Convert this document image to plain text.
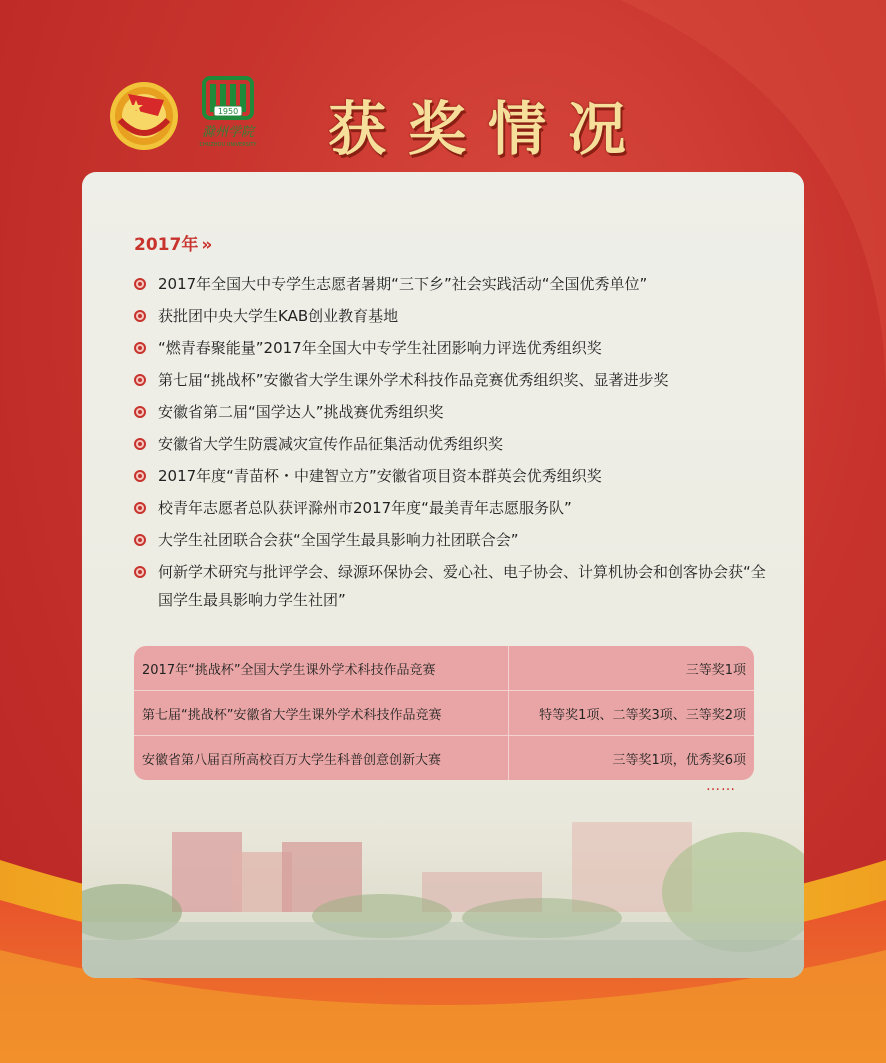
1950
滁州学院
CHUZHOU UNIVERSITY 获奖情况
2017年 »
2017年全国大中专学生志愿者暑期“三下乡”社会实践活动“全国优秀单位”
获批团中央大学生KAB创业教育基地
“燃青春聚能量”2017年全国大中专学生社团影响力评选优秀组织奖
第七届“挑战杯”安徽省大学生课外学术科技作品竞赛优秀组织奖、显著进步奖
安徽省第二届“国学达人”挑战赛优秀组织奖
安徽省大学生防震减灾宣传作品征集活动优秀组织奖
2017年度“青苗杯・中建智立方”安徽省项目资本群英会优秀组织奖
校青年志愿者总队获评滁州市2017年度“最美青年志愿服务队”
大学生社团联合会获“全国学生最具影响力社团联合会”
何新学术研究与批评学会、绿源环保协会、爱心社、电子协会、计算机协会和创客协会获“全国学生最具影响力学生社团”
2017年“挑战杯”全国大学生课外学术科技作品竞赛	三等奖1项
第七届“挑战杯”安徽省大学生课外学术科技作品竞赛	特等奖1项、二等奖3项、三等奖2项
安徽省第八届百所高校百万大学生科普创意创新大赛	三等奖1项，优秀奖6项
……
